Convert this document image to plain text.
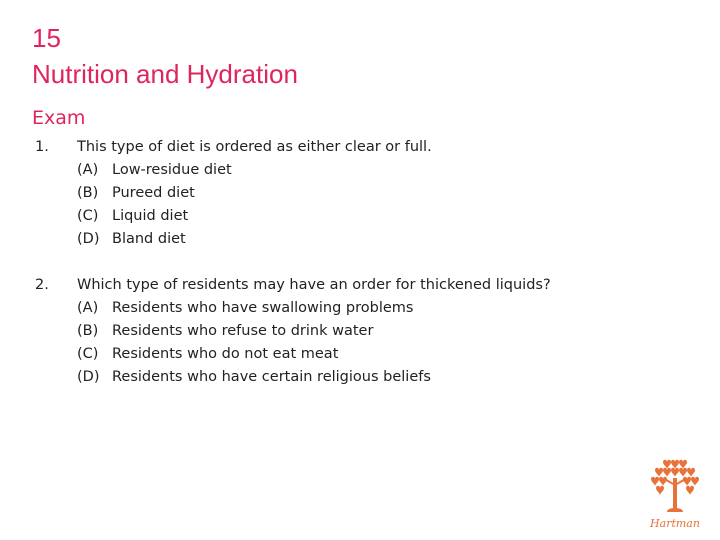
15
Nutrition and Hydration
Exam
1. This type of diet is ordered as either clear or full.
(A) Low-residue diet
(B) Pureed diet
(C) Liquid diet
(D) Bland diet
2. Which type of residents may have an order for thickened liquids?
(A) Residents who have swallowing problems
(B) Residents who refuse to drink water
(C) Residents who do not eat meat
(D) Residents who have certain religious beliefs
Hartman
